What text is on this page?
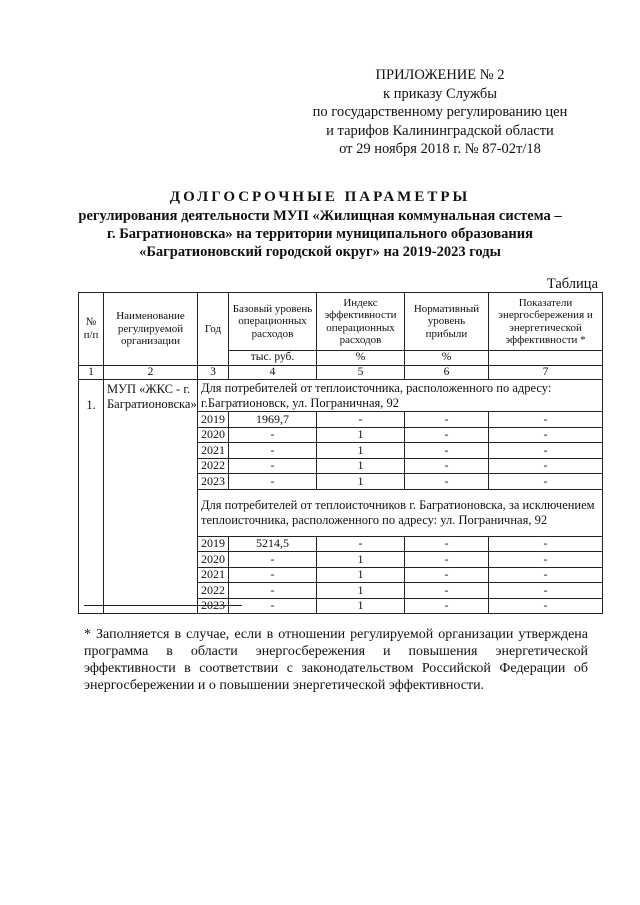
ПРИЛОЖЕНИЕ № 2
к приказу Службы
по государственному регулированию цен
и тарифов Калининградской области
от 29 ноября 2018 г. № 87-02т/18
ДОЛГОСРОЧНЫЕ ПАРАМЕТРЫ
регулирования деятельности МУП «Жилищная коммунальная система –
г. Багратионовска» на территории муниципального образования
«Багратионовский городской округ» на 2019-2023 годы
Таблица
№ п/п	Наименование регулируемой организации	Год	Базовый уровень операционных расходов	Индекс эффективности операционных расходов	Нормативный уровень прибыли	Показатели энергосбережения и энергетической эффективности *
			тыс. руб.	%	%	
1	2	3	4	5	6	7
1.	МУП «ЖКС - г. Багратионовска»	Для потребителей от теплоисточника, расположенного по адресу: г.Багратионовск, ул. Пограничная, 92				
		2019	1969,7	-	-	-
		2020	-	1	-	-
		2021	-	1	-	-
		2022	-	1	-	-
		2023	-	1	-	-
		Для потребителей от теплоисточников г. Багратионовска, за исключением теплоисточника, расположенного по адресу: ул. Пограничная, 92				
		2019	5214,5	-	-	-
		2020	-	1	-	-
		2021	-	1	-	-
		2022	-	1	-	-
		2023	-	1	-	-
* Заполняется в случае, если в отношении регулируемой организации утверждена программа в области энергосбережения и повышения энергетической эффективности в соответствии с законодательством Российской Федерации об энергосбережении и о повышении энергетической эффективности.
